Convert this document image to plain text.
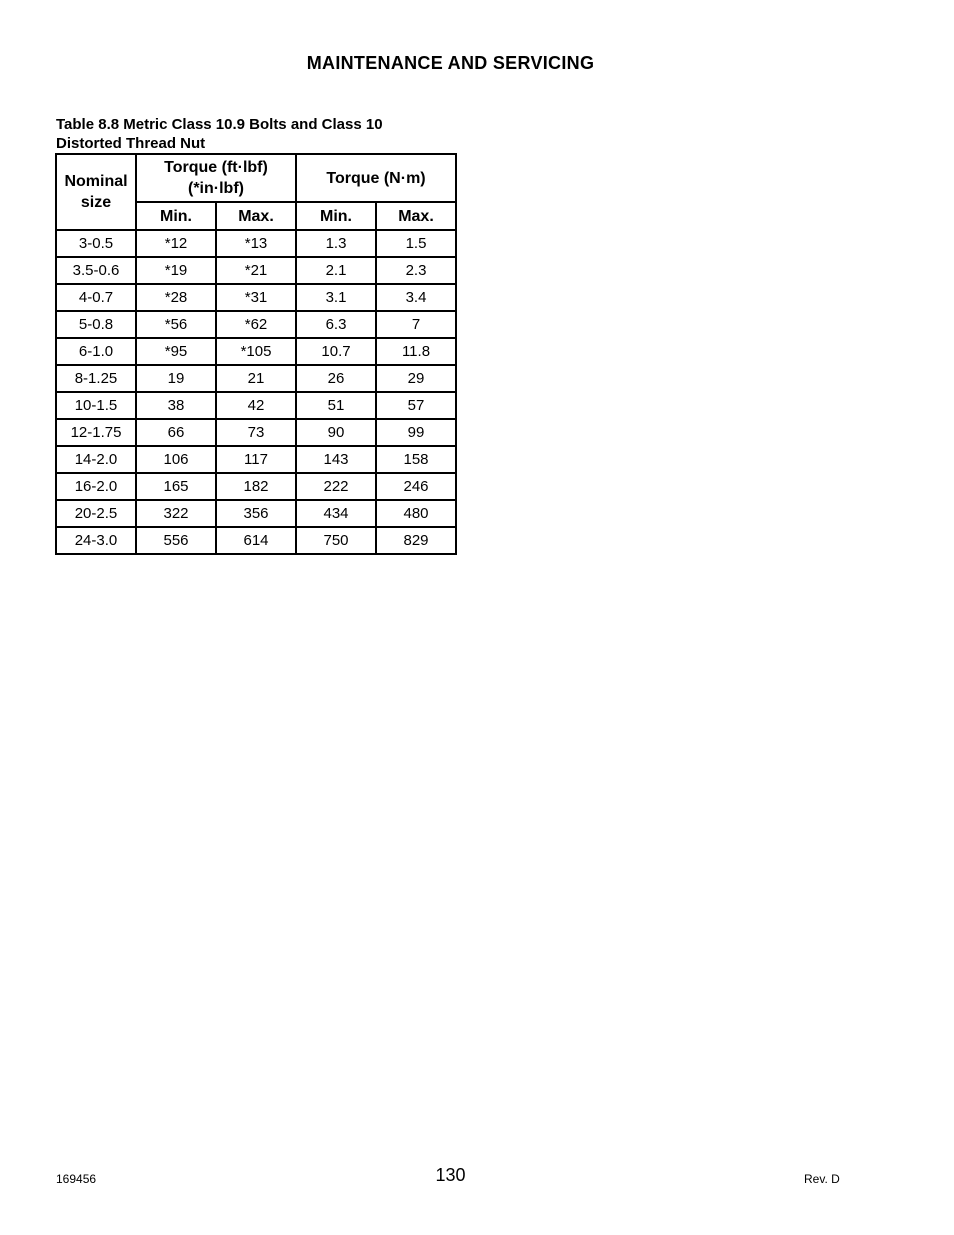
MAINTENANCE AND SERVICING
Table 8.8 Metric Class 10.9 Bolts and Class 10
Distorted Thread Nut
Nominal size	Torque (ft·lbf)(*in·lbf)		Torque (N·m)	
	Min.	Max.	Min.	Max.
3-0.5	*12	*13	1.3	1.5
3.5-0.6	*19	*21	2.1	2.3
4-0.7	*28	*31	3.1	3.4
5-0.8	*56	*62	6.3	7
6-1.0	*95	*105	10.7	11.8
8-1.25	19	21	26	29
10-1.5	38	42	51	57
12-1.75	66	73	90	99
14-2.0	106	117	143	158
16-2.0	165	182	222	246
20-2.5	322	356	434	480
24-3.0	556	614	750	829
169456	130	Rev. D
